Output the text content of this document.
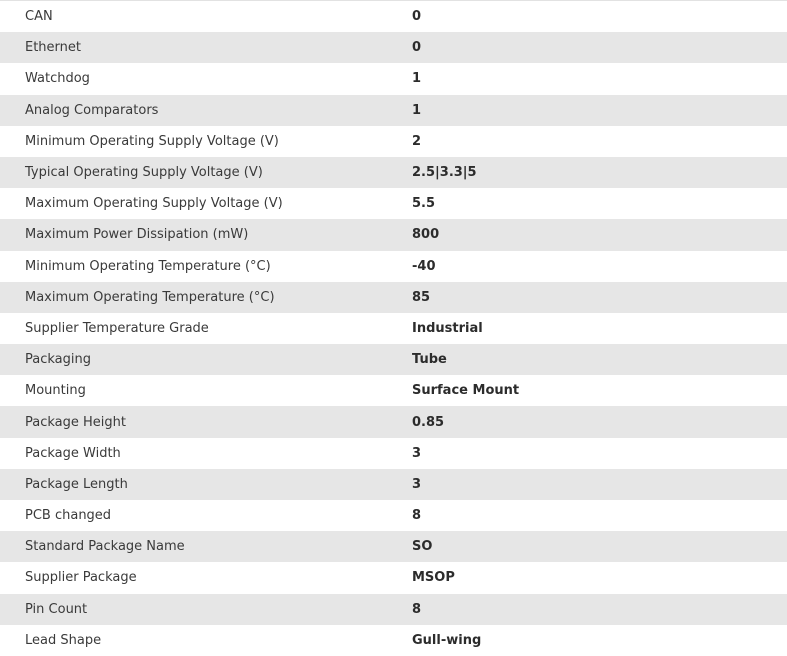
CAN	0
Ethernet	0
Watchdog	1
Analog Comparators	1
Minimum Operating Supply Voltage (V)	2
Typical Operating Supply Voltage (V)	2.5|3.3|5
Maximum Operating Supply Voltage (V)	5.5
Maximum Power Dissipation (mW)	800
Minimum Operating Temperature (°C)	-40
Maximum Operating Temperature (°C)	85
Supplier Temperature Grade	Industrial
Packaging	Tube
Mounting	Surface Mount
Package Height	0.85
Package Width	3
Package Length	3
PCB changed	8
Standard Package Name	SO
Supplier Package	MSOP
Pin Count	8
Lead Shape	Gull-wing
